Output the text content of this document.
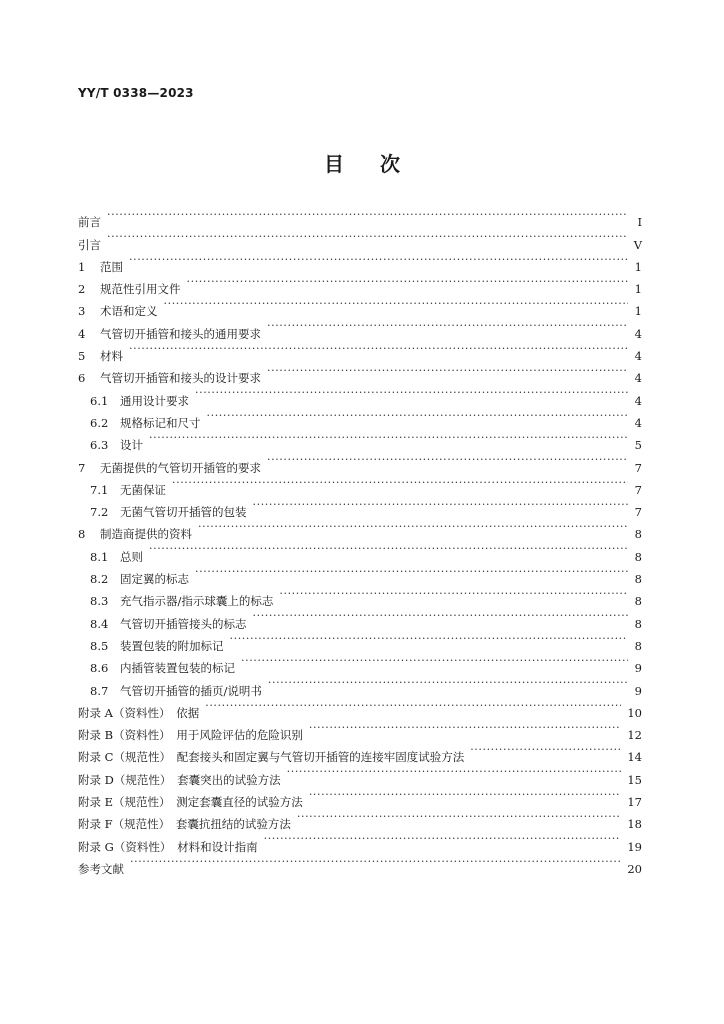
YY/T 0338—2023
目次
前言 ·····	Ⅰ
引言 ·····	Ⅴ
1	范围 ·····	1
2	规范性引用文件 ·····	1
3	术语和定义 ·····	1
4	气管切开插管和接头的通用要求 ·····	4
5	材料 ·····	4
6	气管切开插管和接头的设计要求 ·····	4
6.1	通用设计要求 ·····	4
6.2	规格标记和尺寸 ·····	4
6.3	设计 ·····	5
7	无菌提供的气管切开插管的要求 ·····	7
7.1	无菌保证 ·····	7
7.2	无菌气管切开插管的包装 ·····	7
8	制造商提供的资料 ·····	8
8.1	总则 ·····	8
8.2	固定翼的标志 ·····	8
8.3	充气指示器/指示球囊上的标志 ·····	8
8.4	气管切开插管接头的标志 ·····	8
8.5	装置包装的附加标记 ·····	8
8.6	内插管装置包装的标记 ·····	9
8.7	气管切开插管的插页/说明书 ·····	9
附录 A（资料性）　依据 ·····	10
附录 B（资料性）　用于风险评估的危险识别 ·····	12
附录 C（规范性）　配套接头和固定翼与气管切开插管的连接牢固度试验方法 ·····	14
附录 D（规范性）　套囊突出的试验方法 ·····	15
附录 E（规范性）　测定套囊直径的试验方法 ·····	17
附录 F（规范性）　套囊抗扭结的试验方法 ·····	18
附录 G（资料性）　材料和设计指南 ·····	19
参考文献 ·····	20
